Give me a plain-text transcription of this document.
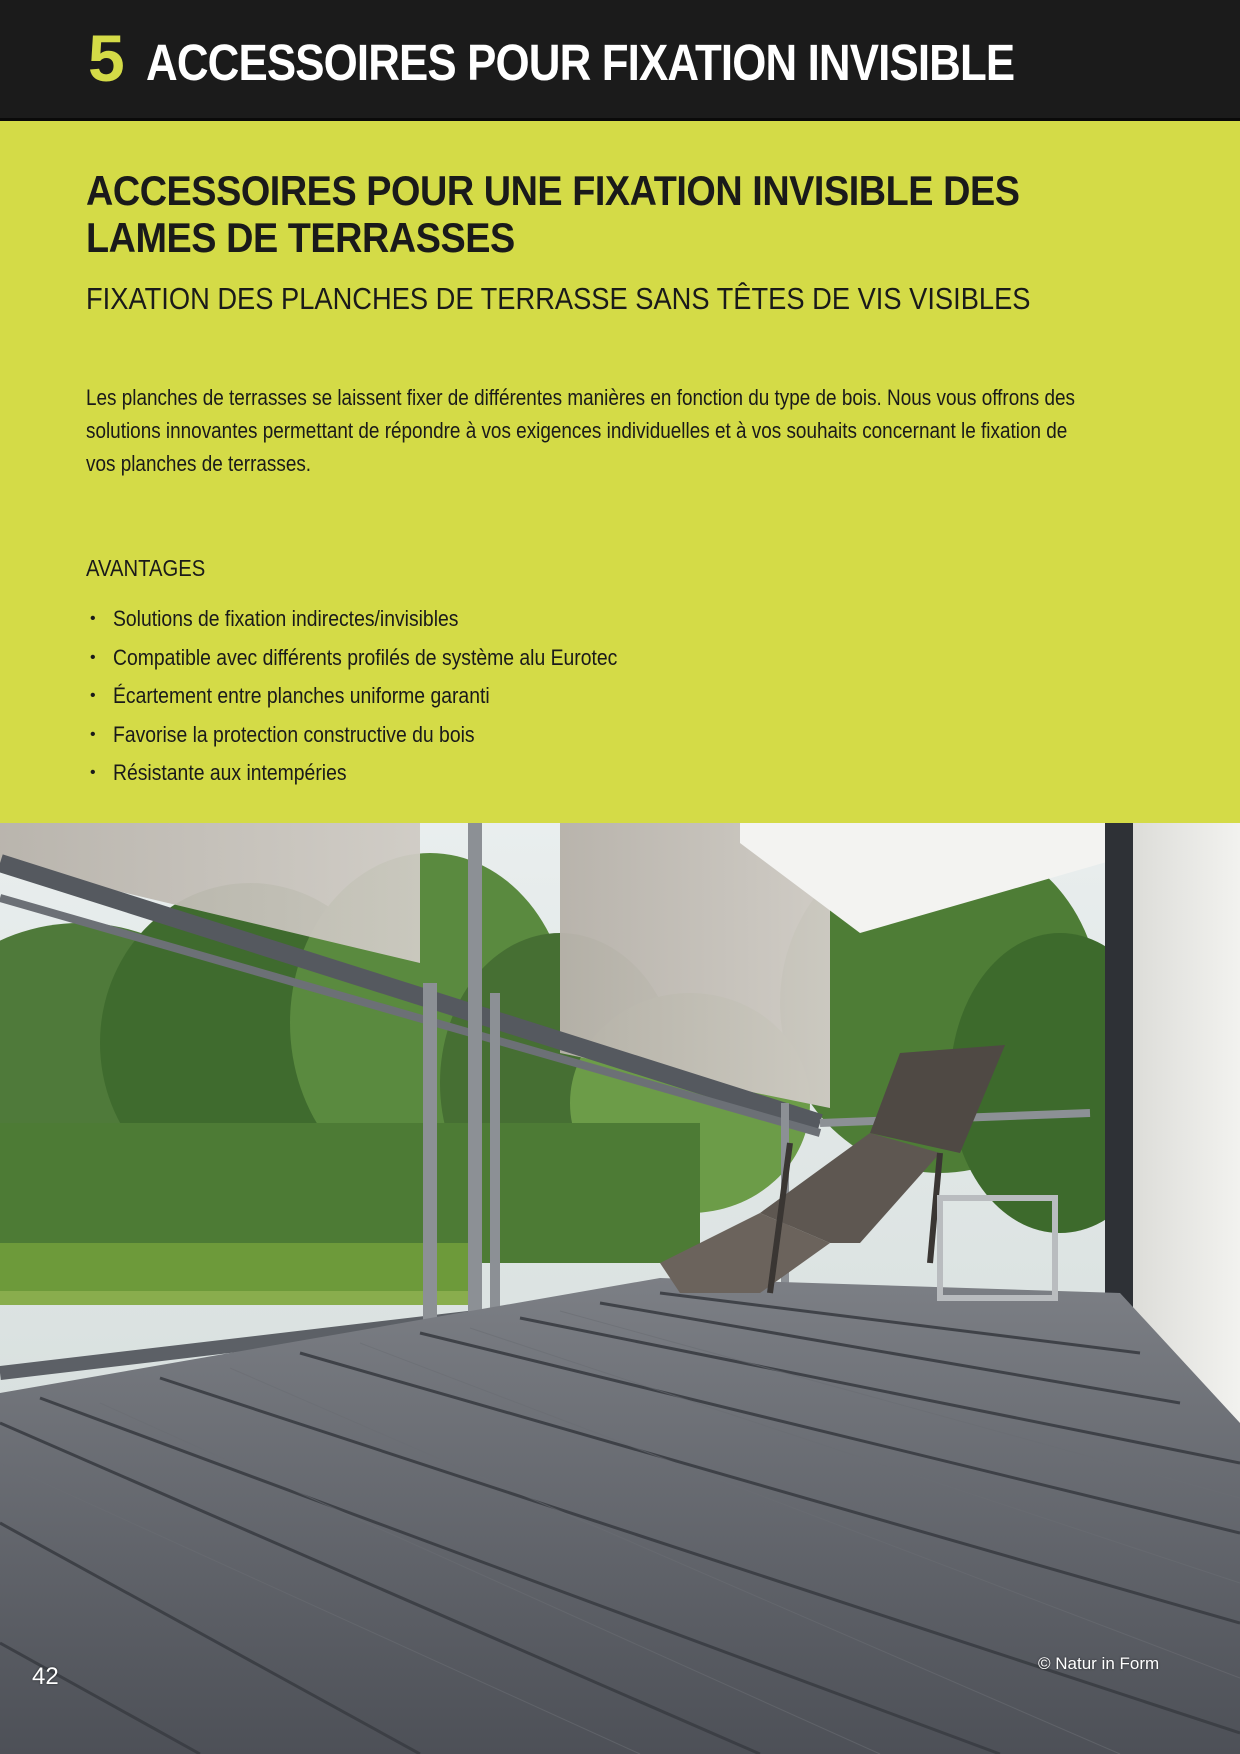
5 ACCESSOIRES POUR FIXATION INVISIBLE
ACCESSOIRES POUR UNE FIXATION INVISIBLE DES LAMES DE TERRASSES
FIXATION DES PLANCHES DE TERRASSE SANS TÊTES DE VIS VISIBLES
Les planches de terrasses se laissent fixer de différentes manières en fonction du type de bois. Nous vous offrons des solutions innovantes permettant de répondre à vos exigences individuelles et à vos souhaits concernant le fixation de vos planches de terrasses.
AVANTAGES
• Solutions de fixation indirectes/invisibles
• Compatible avec différents profilés de système alu Eurotec
• Écartement entre planches uniforme garanti
• Favorise la protection constructive du bois
• Résistante aux intempéries
© Natur in Form
42
